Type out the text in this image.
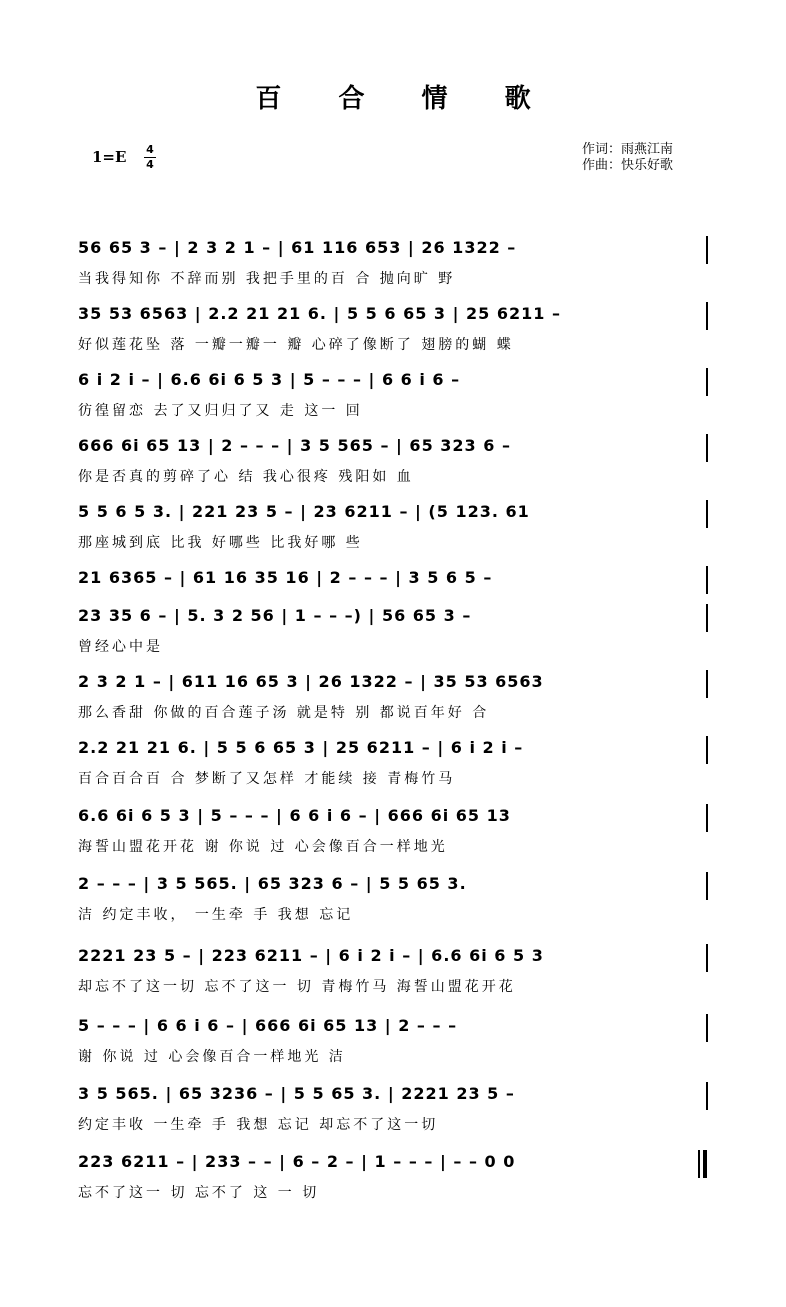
百 合 情 歌
1=E 4
4
作词：雨燕江南
作曲：快乐好歌
56 65 3 – | 2 3 2 1 – | 61 116 653 | 26 1322 –
当我得知你 不辞而别 我把手里的百 合 抛向旷 野
35 53 6563 | 2.2 21 21 6. | 5 5 6 65 3 | 25 6211 –
好似莲花坠 落 一瓣一瓣一 瓣 心碎了像断了 翅膀的蝴 蝶
6 i 2 i – | 6.6 6i 6 5 3 | 5 – – – | 6 6 i 6 –
彷徨留恋 去了又归归了又 走 这一 回
666 6i 65 13 | 2 – – – | 3 5 565 – | 65 323 6 –
你是否真的剪碎了心 结 我心很疼 残阳如 血
5 5 6 5 3. | 221 23 5 – | 23 6211 – | (5 123. 61
那座城到底 比我 好哪些 比我好哪 些
21 6365 – | 61 16 35 16 | 2 – – – | 3 5 6 5 –
23 35 6 – | 5. 3 2 56 | 1 – – –) | 56 65 3 –
曾经心中是
2 3 2 1 – | 611 16 65 3 | 26 1322 – | 35 53 6563
那么香甜 你做的百合莲子汤 就是特 别 都说百年好 合
2.2 21 21 6. | 5 5 6 65 3 | 25 6211 – | 6 i 2 i –
百合百合百 合 梦断了又怎样 才能续 接 青梅竹马
6.6 6i 6 5 3 | 5 – – – | 6 6 i 6 – | 666 6i 65 13
海誓山盟花开花 谢 你说 过 心会像百合一样地光
2 – – – | 3 5 565. | 65 323 6 – | 5 5 65 3.
洁 约定丰收， 一生牵 手 我想 忘记
2221 23 5 – | 223 6211 – | 6 i 2 i – | 6.6 6i 6 5 3
却忘不了这一切 忘不了这一 切 青梅竹马 海誓山盟花开花
5 – – – | 6 6 i 6 – | 666 6i 65 13 | 2 – – –
谢 你说 过 心会像百合一样地光 洁
3 5 565. | 65 3236 – | 5 5 65 3. | 2221 23 5 –
约定丰收 一生牵 手 我想 忘记 却忘不了这一切
223 6211 – | 233 – – | 6 – 2 – | 1 – – – | – – 0 0
忘不了这一 切 忘不了 这 一 切
